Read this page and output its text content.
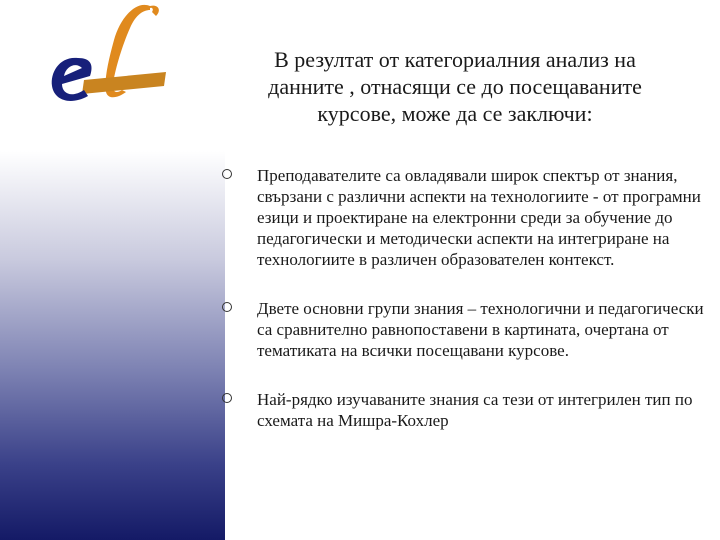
В резултат от категориалния анализ на данните , отнасящи се до посещаваните курсове, може да се заключи:
Преподавателите са овладявали широк спектър от знания, свързани с различни аспекти на технологиите - от програмни езици и проектиране на електронни среди за обучение до педагогически и методически аспекти на интегриране на технологиите в различен образователен контекст.
Двете основни групи знания – технологични и педагогически са сравнително равнопоставени в картината, очертана от тематиката на всички посещавани курсове.
Най-рядко изучаваните знания са тези от интегрилен тип по схемата на Мишра-Кохлер
